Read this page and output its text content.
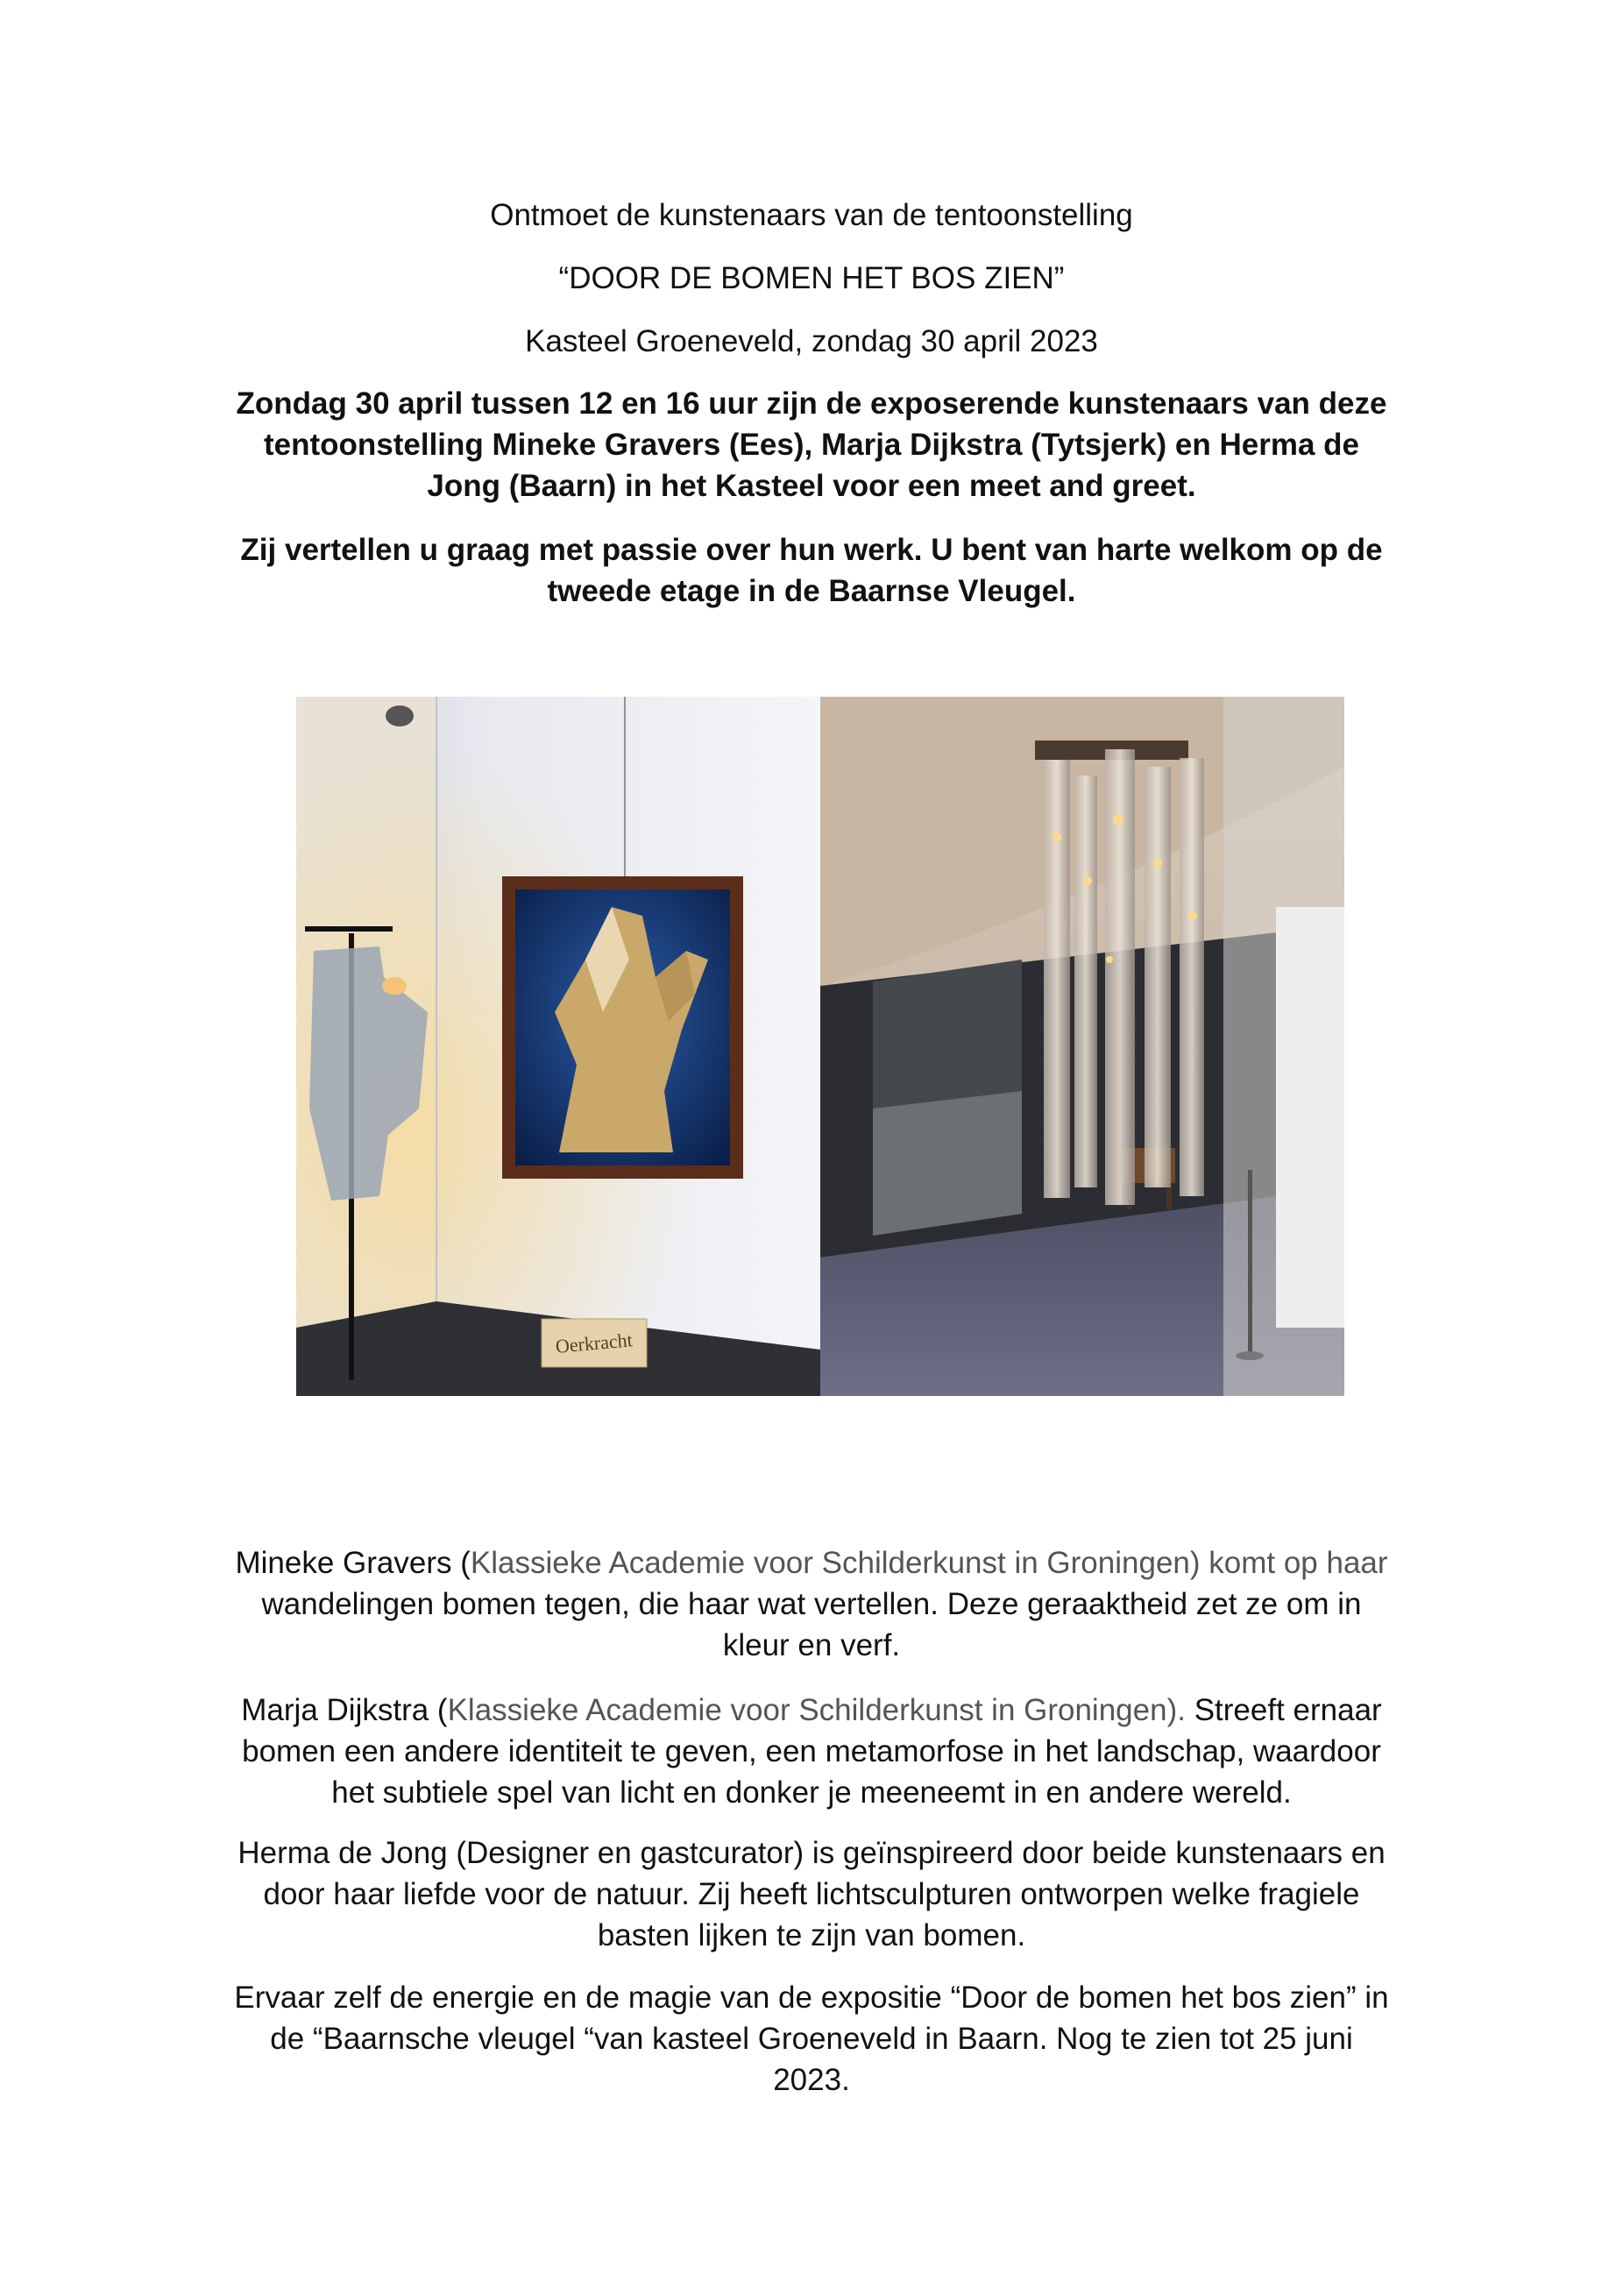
Ontmoet de kunstenaars van de tentoonstelling
“DOOR DE BOMEN HET BOS ZIEN”
Kasteel Groeneveld, zondag 30 april 2023
Zondag 30 april tussen 12 en 16 uur zijn de exposerende kunstenaars van deze
tentoonstelling Mineke Gravers (Ees), Marja Dijkstra (Tytsjerk) en Herma de
Jong (Baarn) in het Kasteel voor een meet and greet.
Zij vertellen u graag met passie over hun werk. U bent van harte welkom op de
tweede etage in de Baarnse Vleugel.
Oerkracht
Mineke Gravers (Klassieke Academie voor Schilderkunst in Groningen) komt op haar
wandelingen bomen tegen, die haar wat vertellen. Deze geraaktheid zet ze om in
kleur en verf.
Marja Dijkstra (Klassieke Academie voor Schilderkunst in Groningen). Streeft ernaar
bomen een andere identiteit te geven, een metamorfose in het landschap, waardoor
het subtiele spel van licht en donker je meeneemt in en andere wereld.
Herma de Jong (Designer en gastcurator) is geïnspireerd door beide kunstenaars en
door haar liefde voor de natuur. Zij heeft lichtsculpturen ontworpen welke fragiele
basten lijken te zijn van bomen.
Ervaar zelf de energie en de magie van de expositie “Door de bomen het bos zien” in
de “Baarnsche vleugel “van kasteel Groeneveld in Baarn. Nog te zien tot 25 juni
2023.
